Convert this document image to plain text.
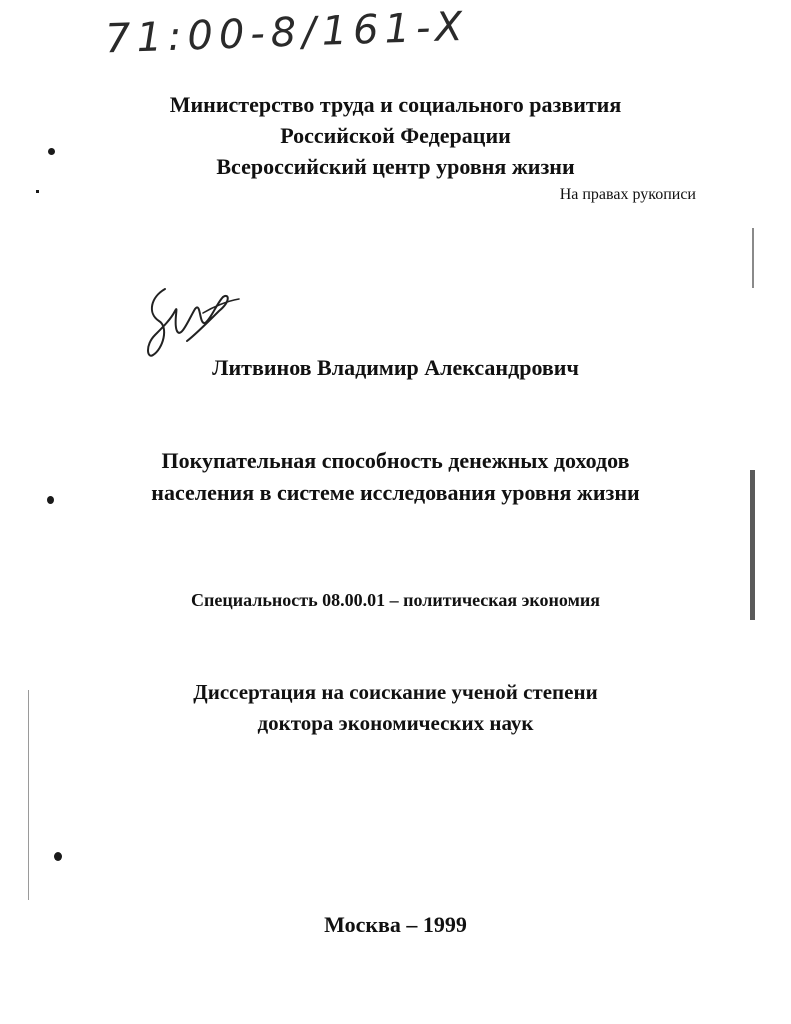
71:00-8/161-X
Министерство труда и социального развития
Российской Федерации
Всероссийский центр уровня жизни
На правах рукописи
Литвинов Владимир Александрович
Покупательная способность денежных доходов
населения в системе исследования уровня жизни
Специальность 08.00.01 – политическая экономия
Диссертация на соискание ученой степени
доктора экономических наук
Москва – 1999
